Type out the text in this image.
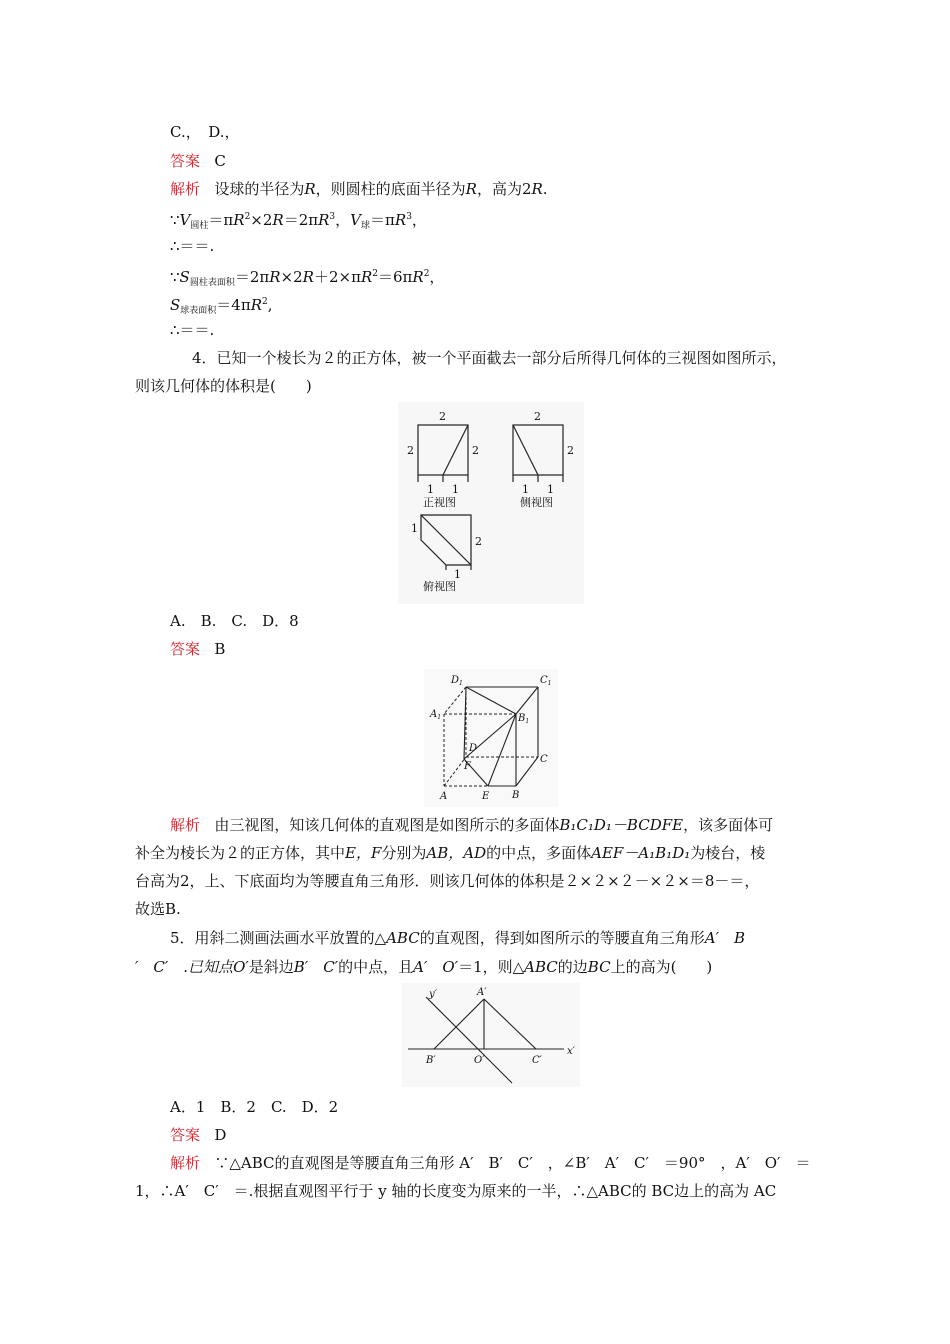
C.，　D.，
答案 C
解析 设球的半径为R，则圆柱的底面半径为R，高为2R.
$\because V_{圆柱}=\pi R^2\times 2R=2\pi R^3$，$V_球=\pi R^3$，
∴＝＝.
$\because S_{圆柱表面积}=2\pi R\times 2R+2\times\pi R^2=6\pi R^2$，
$S_{球表面积}=4\pi R^2$,
∴＝＝.
4．已知一个棱长为２的正方体，被一个平面截去一部分后所得几何体的三视图如图所示，
则该几何体的体积是(　　)
2
2	2
1 1
正视图
2
2
1 1
侧视图
1
2
1
俯视图
A.　B.　C.　D．8
答案 B
$D_1$	$C_1$
$A_1$	$B_1$
D
C
F
A	E B
解析 由三视图，知该几何体的直观图是如图所示的多面体B₁C₁D₁－BCDFE，该多面体可
补全为棱长为２的正方体，其中E，F分别为AB，AD的中点，多面体AEF－A₁B₁D₁为棱台，棱
台高为2，上、下底面均为等腰直角三角形．则该几何体的体积是２×２×２－×２×＝8－＝，
故选B.
5．用斜二测画法画水平放置的△ABC的直观图，得到如图所示的等腰直角三角形A′　B
′　C′　.已知点O′是斜边B′　C′的中点，且A′　O′＝1，则△ABC的边BC上的高为(　　)
y′
x′
A′
B′	O′	C′
A．1　B．2　C.　D．2
答案 D
解析 ∵△ABC的直观图是等腰直角三角形 A′　B′　C′　，∠B′　A′　C′　＝90°　，A′　O′　＝
1，∴A′　C′　＝.根据直观图平行于 y 轴的长度变为原来的一半，∴△ABC的 BC边上的高为 AC
